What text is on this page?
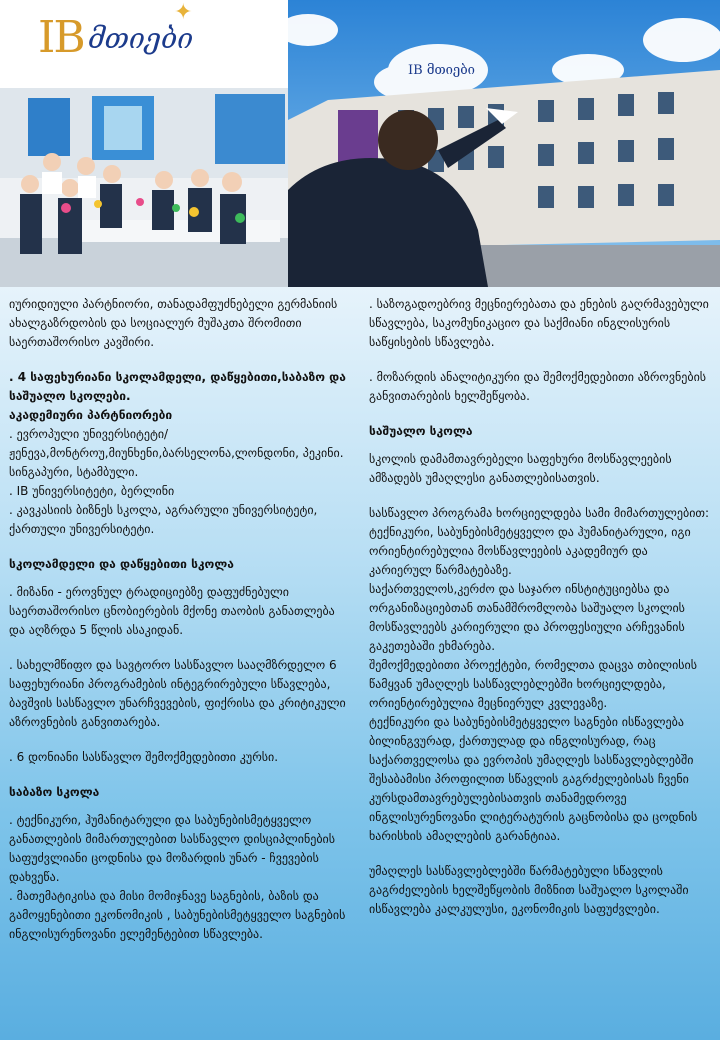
IB მთიები
✦
IB მთიები

იურიდიული პარტნიორი, თანადამფუძნებელი გერმანიის ახალგაზრდობის და სოციალურ მუშაკთა შრომითი საერთაშორისო კავშირი.

. 4 საფეხურიანი სკოლამდელი, დაწყებითი,საბაზო და საშუალო სკოლები.

აკადემიური პარტნიორები

. ევროპული უნივერსიტეტი/ ჟენევა,მონტროუ,მიუნხენი,ბარსელონა,ლონდონი, პეკინი. სინგაპური, სტამბული.

. IB უნივერსიტეტი, ბერლინი

. კავკასიის ბიზნეს სკოლა, აგრარული უნივერსიტეტი, ქართული უნივერსიტეტი.

სკოლამდელი და დაწყებითი სკოლა

. მიზანი - ეროვნულ ტრადიციებზე დაფუძნებული საერთაშორისო ცნობიერების მქონე თაობის განათლება და აღზრდა 5 წლის ასაკიდან.

. სახელმწიფო და სავტორო სასწავლო სააღმზრდელო 6 საფეხურიანი პროგრამების ინტეგრირებული სწავლება, ბავშვის სასწავლო უნარჩვევების, ფიქრისა და კრიტიკული აზროვნების განვითარება.

. 6 დონიანი სასწავლო შემოქმედებითი კურსი.

საბაზო სკოლა

. ტექნიკური, ჰუმანიტარული და საბუნებისმეტყველო განათლების მიმართულებით სასწავლო დისციპლინების საფუძვლიანი ცოდნისა და მოზარდის უნარ - ჩვევების დახვეწა.

. მათემატიკისა და მისი მომიჯნავე საგნების, ბაზის და გამოყენებითი ეკონომიკის , საბუნებისმეტყველო საგნების ინგლისურენოვანი ელემენტებით სწავლება.

. საზოგადოებრივ მეცნიერებათა და ენების გაღრმავებული სწავლება, საკომუნიკაციო და საქმიანი ინგლისურის საწყისების სწავლება.

. მოზარდის ანალიტიკური და შემოქმედებითი აზროვნების განვითარების ხელშეწყობა.

საშუალო სკოლა

სკოლის დამამთავრებელი საფეხური მოსწავლეების ამზადებს უმაღლესი განათლებისათვის.

სასწავლო პროგრამა ხორციელდება სამი მიმართულებით: ტექნიკური, საბუნებისმეტყველო და ჰუმანიტარული, იგი ორიენტირებულია მოსწავლეების აკადემიურ და კარიერულ წარმატებაზე.

საქართველოს,კერძო და საჯარო ინსტიტუციებსა და ორგანიზაციებთან თანამშრომლობა საშუალო სკოლის მოსწავლეებს კარიერული და პროფესიული არჩევანის გაკეთებაში ეხმარება.

შემოქმედებითი პროექტები, რომელთა დაცვა თბილისის წამყვან უმაღლეს სასწავლებლებში ხორციელდება, ორიენტირებულია მეცნიერულ კვლევაზე.

ტექნიკური და საბუნებისმეტყველო საგნები ისწავლება ბილინგვურად, ქართულად და ინგლისურად, რაც საქართველოსა და ევროპის უმაღლეს სასწავლებლებში შესაბამისი პროფილით სწავლის გაგრძელებისას ჩვენი კურსდამთავრებულებისათვის თანამედროვე ინგლისურენოვანი ლიტერატურის გაცნობისა და ცოდნის ხარისხის ამაღლების გარანტიაა.

უმაღლეს სასწავლებლებში წარმატებული სწავლის გაგრძელების ხელშეწყობის მიზნით საშუალო სკოლაში ისწავლება კალკულუსი, ეკონომიკის საფუძვლები.
